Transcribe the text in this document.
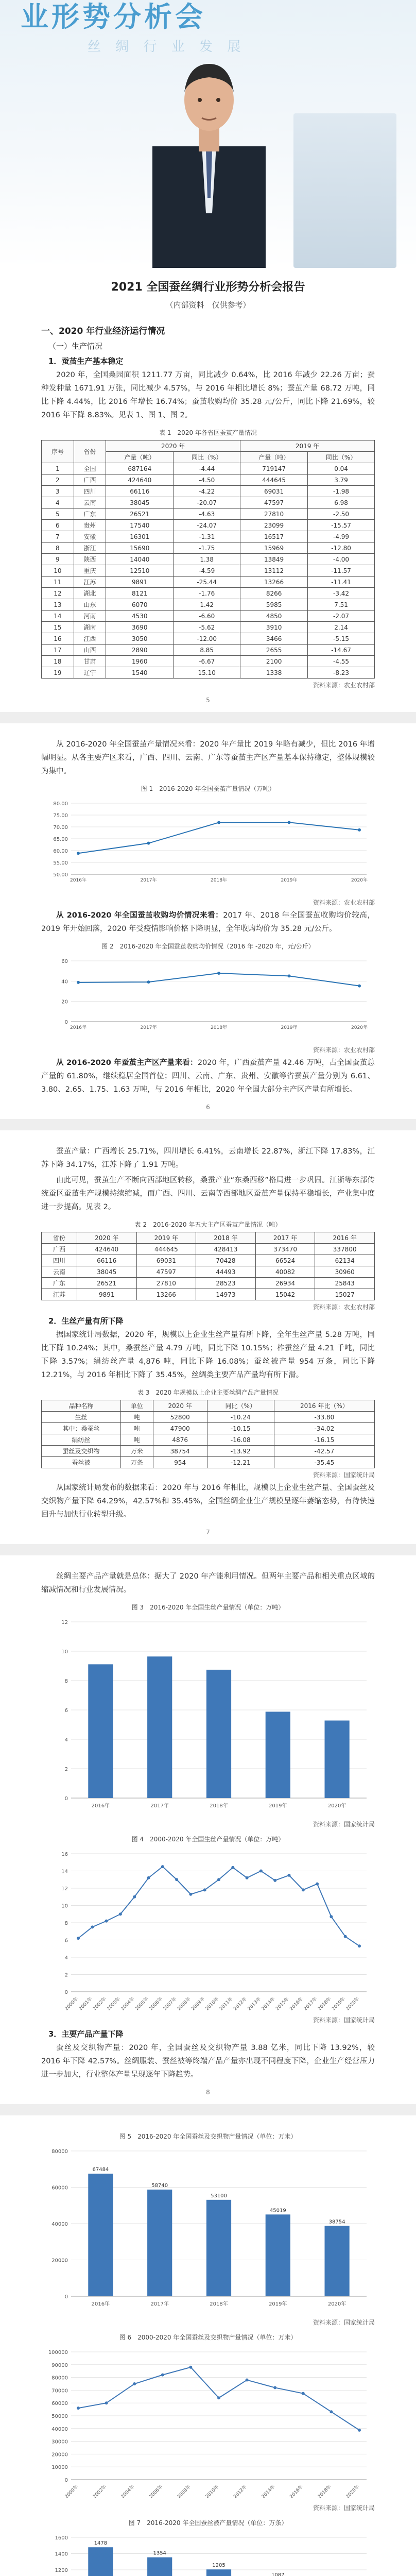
业形势分析会
丝 绸 行 业 发 展
2021 全国蚕丝绸行业形势分析会报告
（内部资料　仅供参考）
一、2020 年行业经济运行情况
（一）生产情况
1．蚕茧生产基本稳定
2020 年，全国桑园面积 1211.77 万亩，同比减少 0.64%，比 2016 年减少 22.26 万亩；蚕种发种量 1671.91 万张，同比减少 4.57%，与 2016 年相比增长 8%；蚕茧产量 68.72 万吨，同比下降 4.44%，比 2016 年增长 16.74%；蚕茧收购均价 35.28 元/公斤，同比下降 21.69%，较 2016 年下降 8.83%。见表 1、图 1、图 2。
表 1　2020 年各省区蚕茧产量情况
序号	省份	2020 年		2019 年	
		产量（吨）	同比（%）	产量（吨）	同比（%）
1	全国	687164	-4.44	719147	0.04
2	广西	424640	-4.50	444645	3.79
3	四川	66116	-4.22	69031	-1.98
4	云南	38045	-20.07	47597	6.98
5	广东	26521	-4.63	27810	-2.50
6	贵州	17540	-24.07	23099	-15.57
7	安徽	16301	-1.31	16517	-4.99
8	浙江	15690	-1.75	15969	-12.80
9	陕西	14040	1.38	13849	-4.00
10	重庆	12510	-4.59	13112	-11.57
11	江苏	9891	-25.44	13266	-11.41
12	湖北	8121	-1.76	8266	-3.42
13	山东	6070	1.42	5985	7.51
14	河南	4530	-6.60	4850	-2.07
15	湖南	3690	-5.62	3910	2.14
16	江西	3050	-12.00	3466	-5.15
17	山西	2890	8.85	2655	-14.67
18	甘肃	1960	-6.67	2100	-4.55
19	辽宁	1540	15.10	1338	-8.23
资料来源：农业农村部
5
从 2016-2020 年全国蚕茧产量情况来看：2020 年产量比 2019 年略有减少，但比 2016 年增幅明显。从各主要产区来看，广西、四川、云南、广东等蚕茧主产区产量基本保持稳定，整体规模较为集中。
图 1　2016-2020 年全国蚕茧产量情况（万吨）
50.00
55.00
60.00
65.00
70.00
75.00
80.00
2016年	2017年	2018年	2019年	2020年
资料来源：农业农村部
从 2016-2020 年全国蚕茧收购均价情况来看：2017 年、2018 年全国蚕茧收购均价较高，2019 年开始回落，2020 年受疫情影响价格下降明显，全年收购均价为 35.28 元/公斤。
图 2　2016-2020 年全国蚕茧收购均价情况（2016 年 -2020 年，元/公斤）
0
20
40
60
2016年	2017年	2018年	2019年	2020年
资料来源：农业农村部
从 2016-2020 年蚕茧主产区产量来看：2020 年，广西蚕茧产量 42.46 万吨，占全国蚕茧总产量的 61.80%，继续稳居全国首位；四川、云南、广东、贵州、安徽等省蚕茧产量分别为 6.61、3.80、2.65、1.75、1.63 万吨，与 2016 年相比，2020 年全国大部分主产区产量有所增长。
6
蚕茧产量：广西增长 25.71%，四川增长 6.41%，云南增长 22.87%，浙江下降 17.83%，江苏下降 34.17%，江苏下降了 1.91 万吨。
由此可见，蚕茧生产不断向西部地区转移，桑蚕产业“东桑西移”格局进一步巩固。江浙等东部传统蚕区蚕茧生产规模持续缩减，而广西、四川、云南等西部地区蚕茧产量保持平稳增长，产业集中度进一步提高。见表 2。
表 2　2016-2020 年五大主产区蚕茧产量情况（吨）
省份	2020 年	2019 年	2018 年	2017 年	2016 年
广西	424640	444645	428413	373470	337800
四川	66116	69031	70428	66524	62134
云南	38045	47597	44493	40082	30960
广东	26521	27810	28523	26934	25843
江苏	9891	13266	14973	15042	15027
资料来源：农业农村部
2．生丝产量有所下降
据国家统计局数据，2020 年，规模以上企业生丝产量有所下降，全年生丝产量 5.28 万吨，同比下降 10.24%；其中，桑蚕丝产量 4.79 万吨，同比下降 10.15%；柞蚕丝产量 4.21 千吨，同比下降 3.57%；绢纺丝产量 4,876 吨，同比下降 16.08%；蚕丝被产量 954 万条，同比下降 12.21%，与 2016 年相比下降了 35.45%，丝绸类主要产品产量均有所下滑。
表 3　2020 年规模以上企业主要丝绸产品产量情况
品种名称	单位	2020 年	同比（%）	2016 年比（%）
生丝	吨	52800	-10.24	-33.80
其中：桑蚕丝	吨	47900	-10.15	-34.02
绢纺丝	吨	4876	-16.08	-16.15
蚕丝及交织物	万米	38754	-13.92	-42.57
蚕丝被	万条	954	-12.21	-35.45
资料来源：国家统计局
从国家统计局发布的数据来看：2020 年与 2016 年相比，规模以上企业生丝产量、全国蚕丝及交织物产量下降 64.29%，42.57%和 35.45%，全国丝绸企业生产规模呈逐年萎缩态势，有待快速回升与加快行业转型升级。
7
丝绸主要产品产量就是总体：据大了 2020 年产能利用情况。但两年主要产品和相关重点区域的缩减情况和行业发展情况。
图 3　2016-2020 年全国生丝产量情况（单位：万吨）
0
2
4
6
8
10
12
2016年	2017年	2018年	2019年	2020年
资料来源：国家统计局
图 4　2000-2020 年全国生丝产量情况（单位：万吨）
0
2
4
6
8
10
12
14
16
2000年
2001年
2002年
2003年
2004年
2005年
2006年
2007年
2008年
2009年
2010年
2011年
2012年
2013年
2014年
2015年
2016年
2017年
2018年
2019年
2020年
资料来源：国家统计局
3．主要产品产量下降
蚕丝及交织物产量：2020 年，全国蚕丝及交织物产量 3.88 亿米，同比下降 13.92%，较 2016 年下降 42.57%。丝绸服装、蚕丝被等终端产品产量亦出现不同程度下降，企业生产经营压力进一步加大，行业整体产量呈现逐年下降趋势。
8
图 5　2016-2020 年全国蚕丝及交织物产量情况（单位：万米）
0
20000
40000
60000
80000
67484
2016年
58740
2017年
53100
2018年
45019
2019年
38754
2020年
资料来源：国家统计局
图 6　2000-2020 年全国蚕丝及交织物产量情况（单位：万米）
0
10000
20000
30000
40000
50000
60000
70000
80000
90000
100000
2000年	2002年	2004年	2006年	2008年	2010年	2012年	2014年	2016年	2018年	2020年
资料来源：国家统计局
图 7　2016-2020 年全国蚕丝被产量情况（单位：万条）
1200
1400
1600
1478
1354
1205
1087
